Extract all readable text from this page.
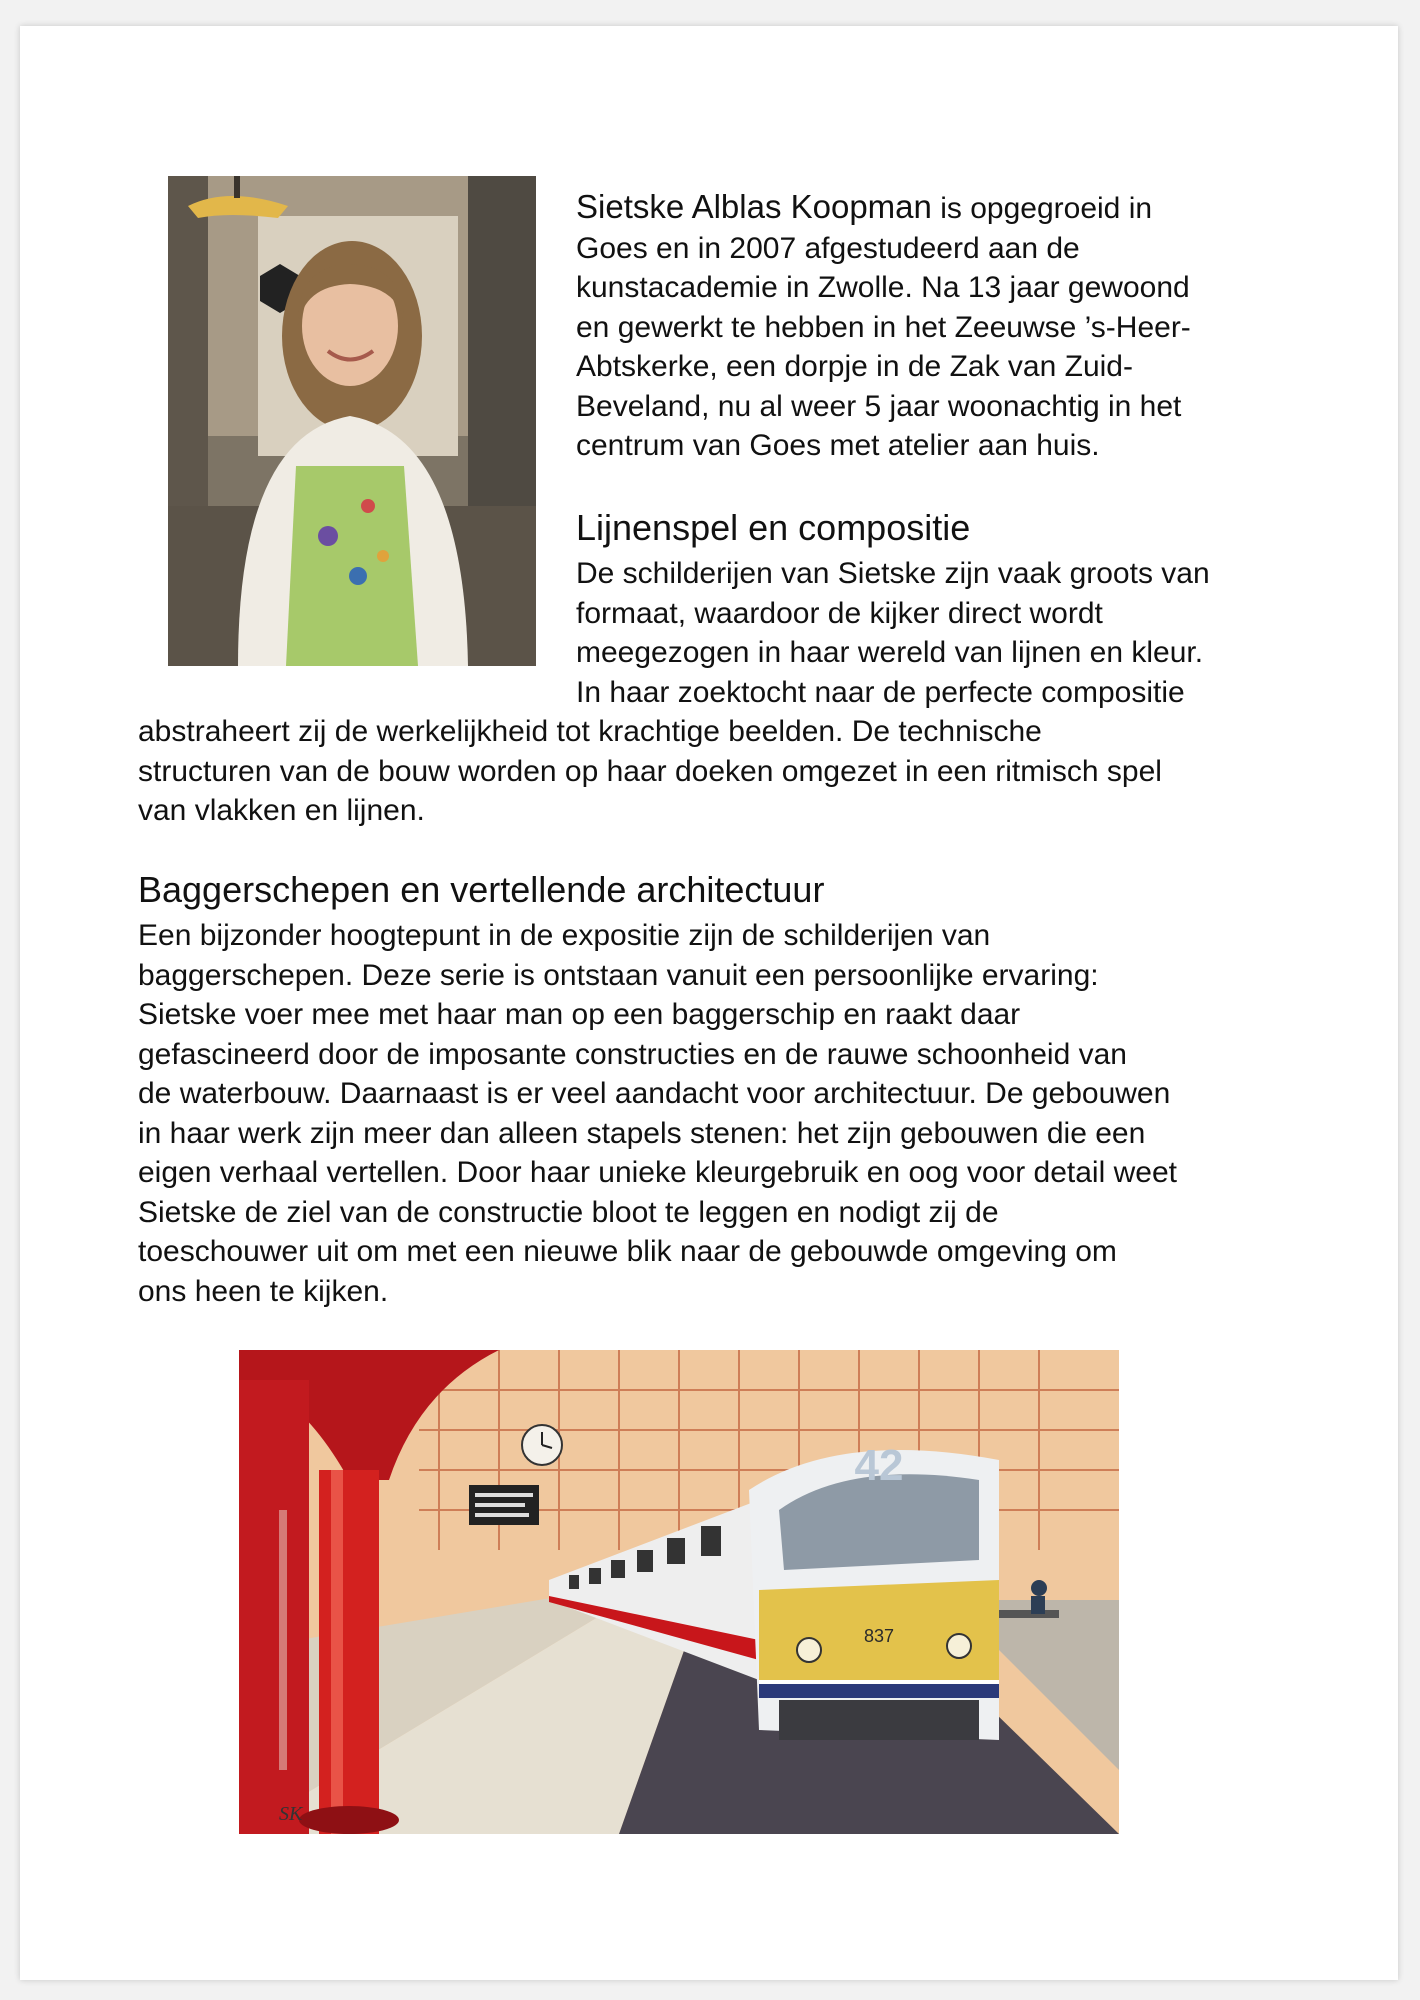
Sietske Alblas Koopman is opgegroeid in
Goes en in 2007 afgestudeerd aan de
kunstacademie in Zwolle. Na 13 jaar gewoond
en gewerkt te hebben in het Zeeuwse ’s-Heer-
Abtskerke, een dorpje in de Zak van Zuid-
Beveland, nu al weer 5 jaar woonachtig in het
centrum van Goes met atelier aan huis.
Lijnenspel en compositie
De schilderijen van Sietske zijn vaak groots van
formaat, waardoor de kijker direct wordt
meegezogen in haar wereld van lijnen en kleur.
In haar zoektocht naar de perfecte compositie
abstraheert zij de werkelijkheid tot krachtige beelden. De technische
structuren van de bouw worden op haar doeken omgezet in een ritmisch spel
van vlakken en lijnen.
Baggerschepen en vertellende architectuur
Een bijzonder hoogtepunt in de expositie zijn de schilderijen van
baggerschepen. Deze serie is ontstaan vanuit een persoonlijke ervaring:
Sietske voer mee met haar man op een baggerschip en raakt daar
gefascineerd door de imposante constructies en de rauwe schoonheid van
de waterbouw. Daarnaast is er veel aandacht voor architectuur. De gebouwen
in haar werk zijn meer dan alleen stapels stenen: het zijn gebouwen die een
eigen verhaal vertellen. Door haar unieke kleurgebruik en oog voor detail weet
Sietske de ziel van de constructie bloot te leggen en nodigt zij de
toeschouwer uit om met een nieuwe blik naar de gebouwde omgeving om
ons heen te kijken.
42
837
SK
